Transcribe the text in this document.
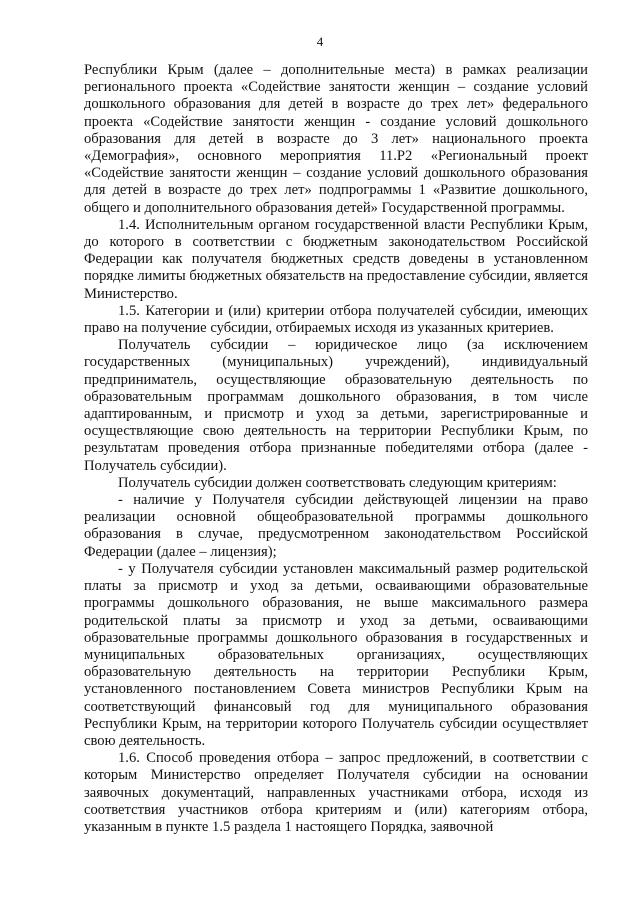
4

Республики Крым (далее – дополнительные места) в рамках реализации регионального проекта «Содействие занятости женщин – создание условий дошкольного образования для детей в возрасте до трех лет» федерального проекта «Содействие занятости женщин - создание условий дошкольного образования для детей в возрасте до 3 лет» национального проекта «Демография», основного мероприятия 11.Р2 «Региональный проект «Содействие занятости женщин – создание условий дошкольного образования для детей в возрасте до трех лет» подпрограммы 1 «Развитие дошкольного, общего и дополнительного образования детей» Государственной программы.

1.4. Исполнительным органом государственной власти Республики Крым, до которого в соответствии с бюджетным законодательством Российской Федерации как получателя бюджетных средств доведены в установленном порядке лимиты бюджетных обязательств на предоставление субсидии, является Министерство.

1.5. Категории и (или) критерии отбора получателей субсидии, имеющих право на получение субсидии, отбираемых исходя из указанных критериев.

Получатель субсидии – юридическое лицо (за исключением государственных (муниципальных) учреждений), индивидуальный предприниматель, осуществляющие образовательную деятельность по образовательным программам дошкольного образования, в том числе адаптированным, и присмотр и уход за детьми, зарегистрированные и осуществляющие свою деятельность на территории Республики Крым, по результатам проведения отбора признанные победителями отбора (далее - Получатель субсидии).

Получатель субсидии должен соответствовать следующим критериям:

- наличие у Получателя субсидии действующей лицензии на право реализации основной общеобразовательной программы дошкольного образования в случае, предусмотренном законодательством Российской Федерации (далее – лицензия);

- у Получателя субсидии установлен максимальный размер родительской платы за присмотр и уход за детьми, осваивающими образовательные программы дошкольного образования, не выше максимального размера родительской платы за присмотр и уход за детьми, осваивающими образовательные программы дошкольного образования в государственных и муниципальных образовательных организациях, осуществляющих образовательную деятельность на территории Республики Крым, установленного постановлением Совета министров Республики Крым на соответствующий финансовый год для муниципального образования Республики Крым, на территории которого Получатель субсидии осуществляет свою деятельность.

1.6. Способ проведения отбора – запрос предложений, в соответствии с которым Министерство определяет Получателя субсидии на основании заявочных документаций, направленных участниками отбора, исходя из соответствия участников отбора критериям и (или) категориям отбора, указанным в пункте 1.5 раздела 1 настоящего Порядка, заявочной
